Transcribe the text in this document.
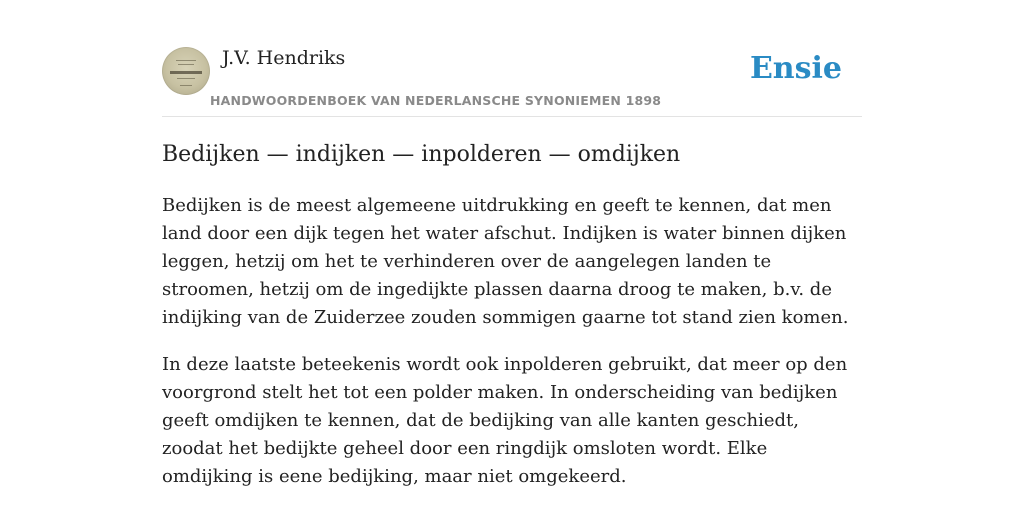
J.V. Hendriks
HANDWOORDENBOEK VAN NEDERLANSCHE SYNONIEMEN 1898
Ensie
Bedijken — indijken — inpolderen — omdijken

Bedijken is de meest algemeene uitdrukking en geeft te kennen, dat men land door een dijk tegen het water afschut. Indijken is water binnen dijken leggen, hetzij om het te verhinderen over de aangelegen landen te stroomen, hetzij om de ingedijkte plassen daarna droog te maken, b.v. de indijking van de Zuiderzee zouden sommigen gaarne tot stand zien komen.

In deze laatste beteekenis wordt ook inpolderen gebruikt, dat meer op den voorgrond stelt het tot een polder maken. In onderscheiding van bedijken geeft omdijken te kennen, dat de bedijking van alle kanten geschiedt, zoodat het bedijkte geheel door een ringdijk omsloten wordt. Elke omdijking is eene bedijking, maar niet omgekeerd.
